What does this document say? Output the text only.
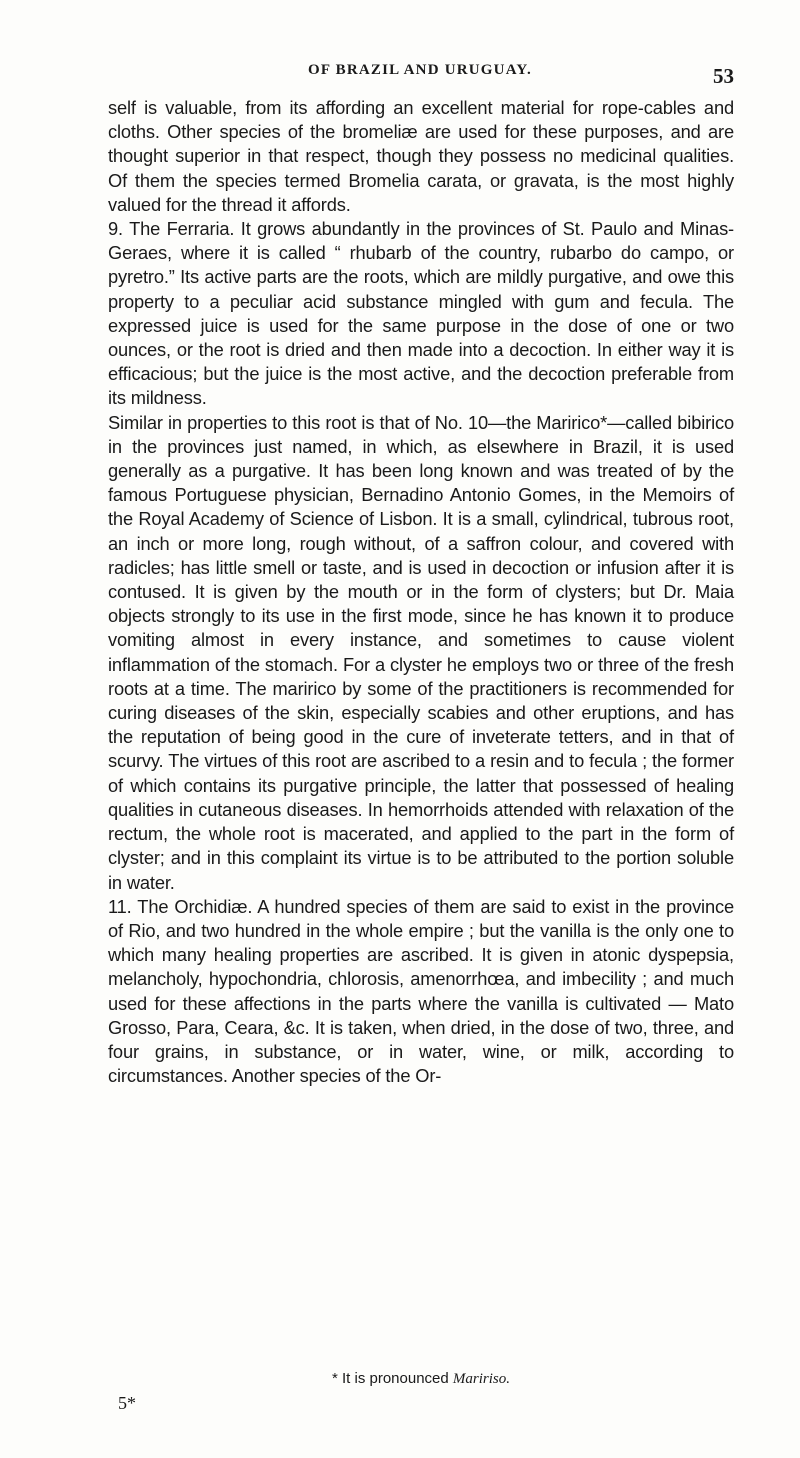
OF BRAZIL AND URUGUAY.	53

self is valuable, from its affording an excellent material for rope-cables and cloths. Other species of the bromeliæ are used for these purposes, and are thought superior in that respect, though they possess no medicinal qualities. Of them the species termed Bromelia carata, or gravata, is the most highly valued for the thread it affords.

9. The Ferraria. It grows abundantly in the provinces of St. Paulo and Minas-Geraes, where it is called “ rhubarb of the country, rubarbo do campo, or pyretro.” Its active parts are the roots, which are mildly purgative, and owe this property to a peculiar acid substance mingled with gum and fecula. The expressed juice is used for the same purpose in the dose of one or two ounces, or the root is dried and then made into a decoction. In either way it is efficacious; but the juice is the most active, and the decoction preferable from its mildness.

Similar in properties to this root is that of No. 10—the Maririco*—called bibirico in the provinces just named, in which, as elsewhere in Brazil, it is used generally as a purgative. It has been long known and was treated of by the famous Portuguese physician, Bernadino Antonio Gomes, in the Memoirs of the Royal Academy of Science of Lisbon. It is a small, cylindrical, tubrous root, an inch or more long, rough without, of a saffron colour, and covered with radicles; has little smell or taste, and is used in decoction or infusion after it is contused. It is given by the mouth or in the form of clysters; but Dr. Maia objects strongly to its use in the first mode, since he has known it to produce vomiting almost in every instance, and sometimes to cause violent inflammation of the stomach. For a clyster he employs two or three of the fresh roots at a time. The maririco by some of the practitioners is recommended for curing diseases of the skin, especially scabies and other eruptions, and has the reputation of being good in the cure of inveterate tetters, and in that of scurvy. The virtues of this root are ascribed to a resin and to fecula ; the former of which contains its purgative principle, the latter that possessed of healing qualities in cutaneous diseases. In hemorrhoids attended with relaxation of the rectum, the whole root is macerated, and applied to the part in the form of clyster; and in this complaint its virtue is to be attributed to the portion soluble in water.

11. The Orchidiæ. A hundred species of them are said to exist in the province of Rio, and two hundred in the whole empire ; but the vanilla is the only one to which many healing properties are ascribed. It is given in atonic dyspepsia, melancholy, hypochondria, chlorosis, amenorrhœa, and imbecility ; and much used for these affections in the parts where the vanilla is cultivated — Mato Grosso, Para, Ceara, &c. It is taken, when dried, in the dose of two, three, and four grains, in substance, or in water, wine, or milk, according to circumstances. Another species of the Or-

* It is pronounced Maririso.
5*
